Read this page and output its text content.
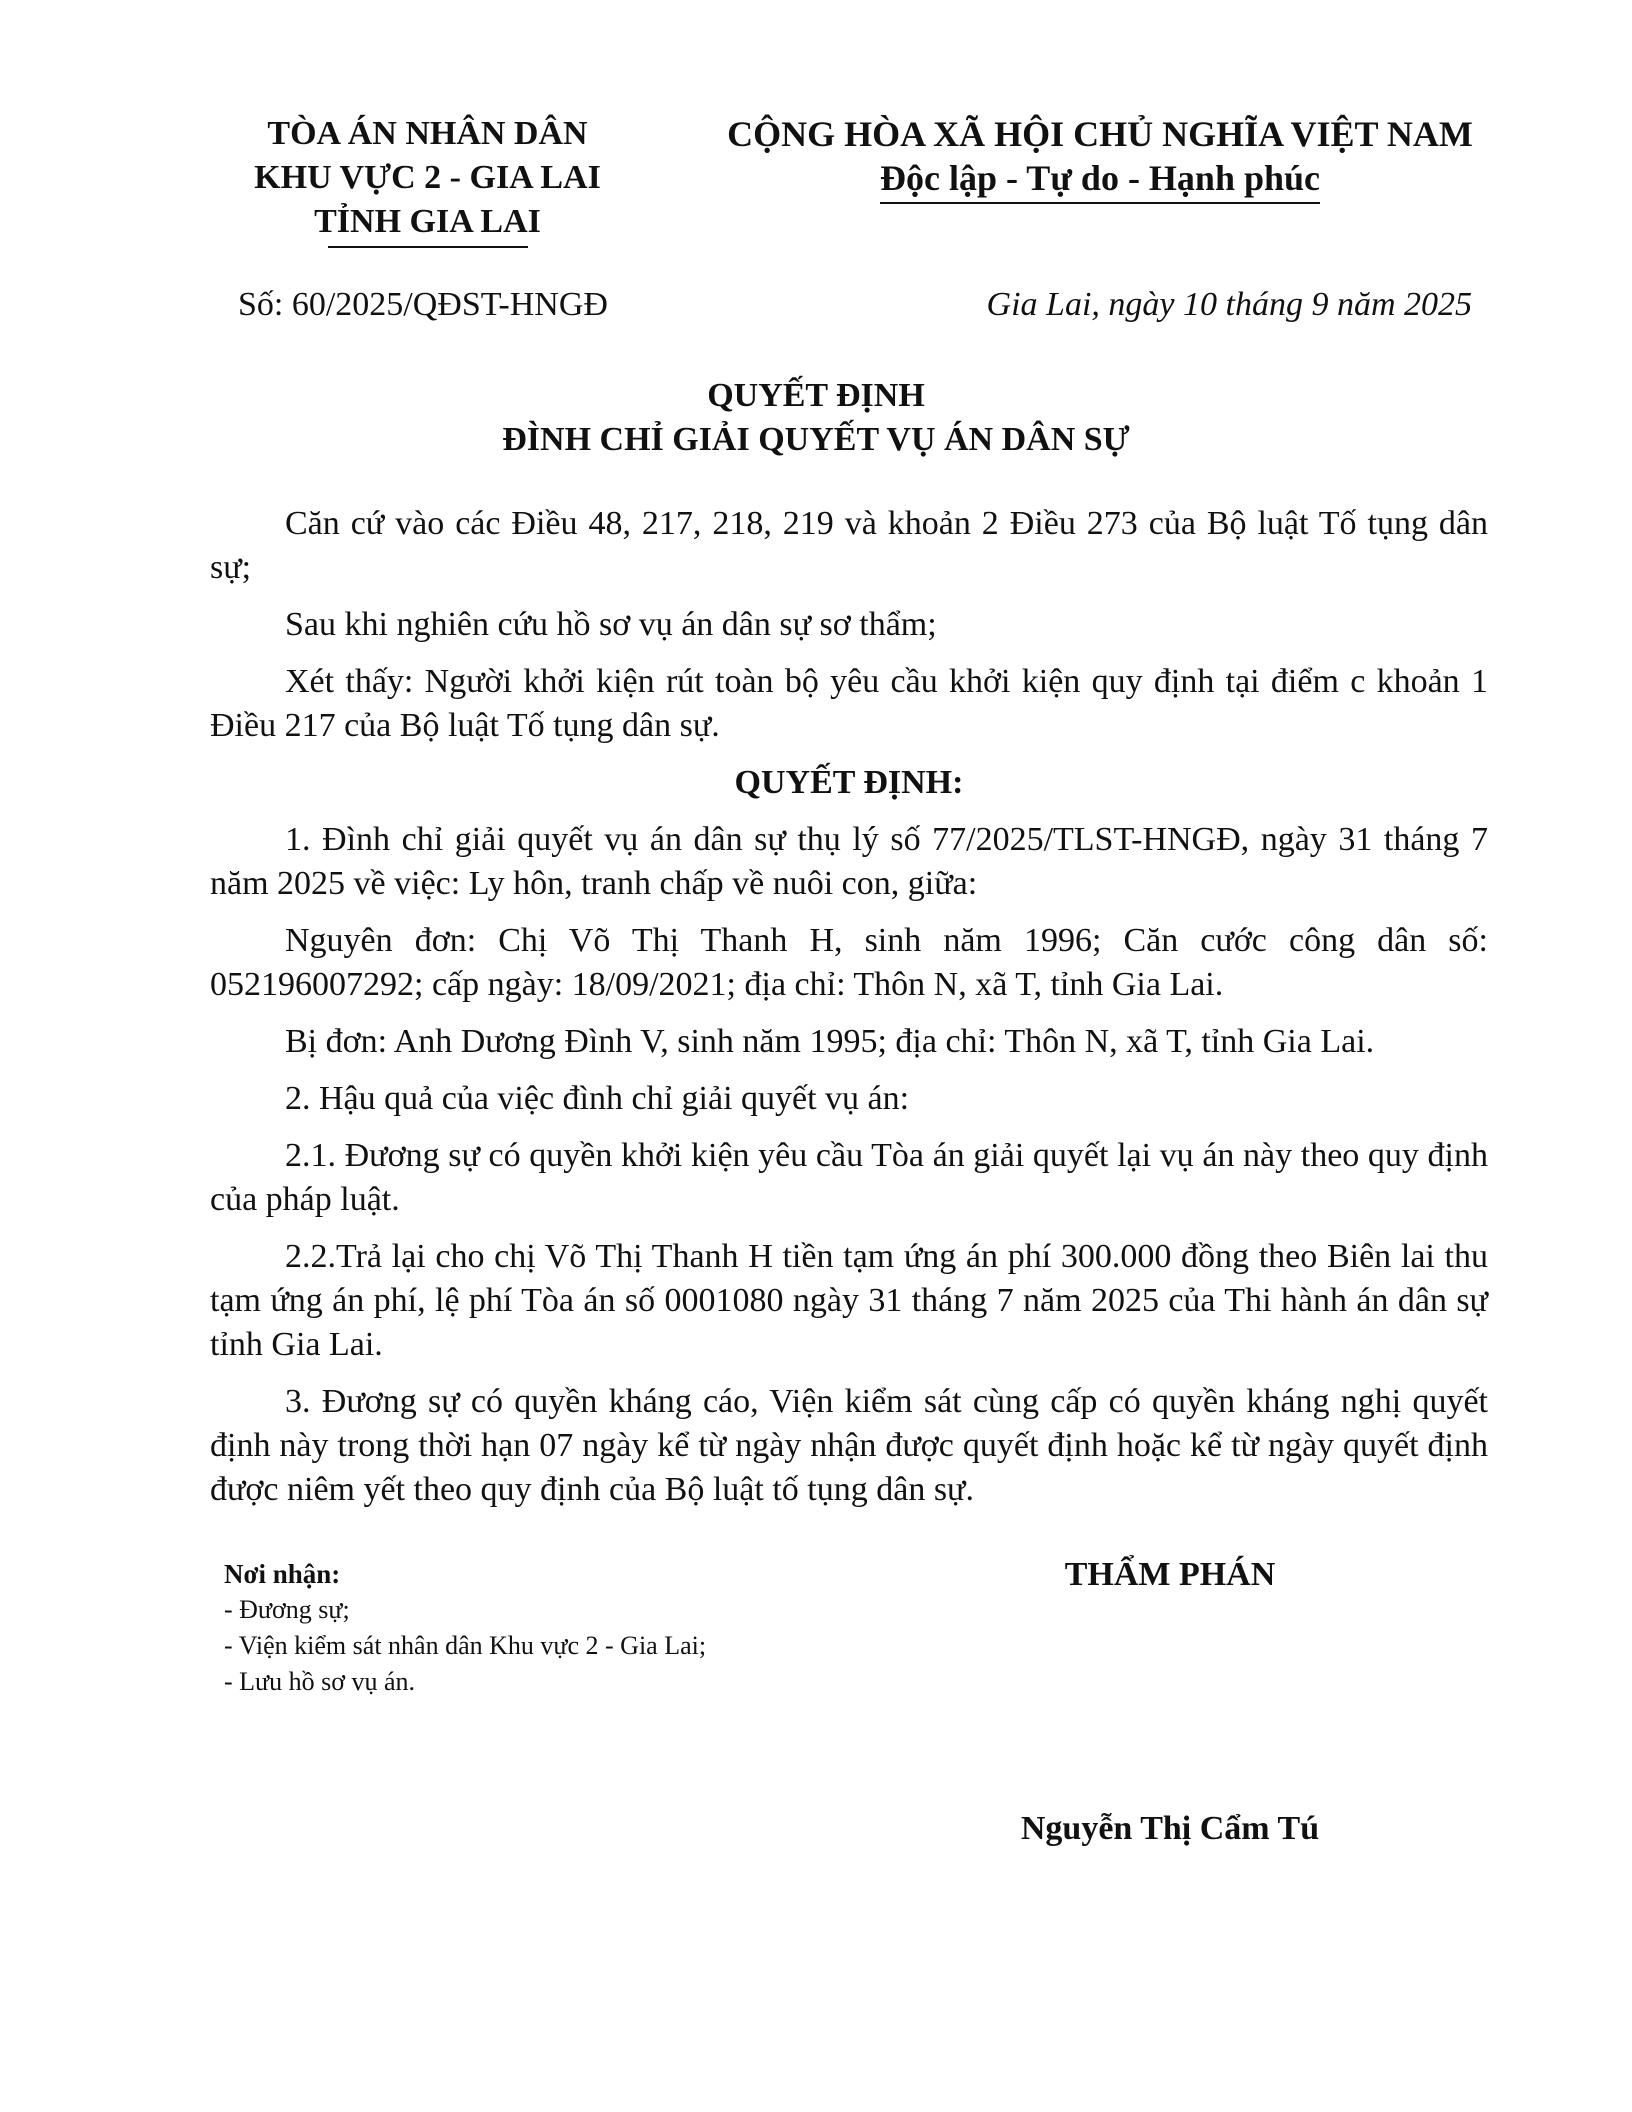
TÒA ÁN NHÂN DÂN
KHU VỰC 2 - GIA LAI
TỈNH GIA LAI
CỘNG HÒA XÃ HỘI CHỦ NGHĨA VIỆT NAM
Độc lập - Tự do - Hạnh phúc
Số: 60/2025/QĐST-HNGĐ	Gia Lai, ngày 10 tháng 9 năm 2025
QUYẾT ĐỊNH
ĐÌNH CHỈ GIẢI QUYẾT VỤ ÁN DÂN SỰ

Căn cứ vào các Điều 48, 217, 218, 219 và khoản 2 Điều 273 của Bộ luật Tố tụng dân sự;

Sau khi nghiên cứu hồ sơ vụ án dân sự sơ thẩm;

Xét thấy: Người khởi kiện rút toàn bộ yêu cầu khởi kiện quy định tại điểm c khoản 1 Điều 217 của Bộ luật Tố tụng dân sự.

QUYẾT ĐỊNH:

1. Đình chỉ giải quyết vụ án dân sự thụ lý số 77/2025/TLST-HNGĐ, ngày 31 tháng 7 năm 2025 về việc: Ly hôn, tranh chấp về nuôi con, giữa:

Nguyên đơn: Chị Võ Thị Thanh H, sinh năm 1996; Căn cước công dân số: 052196007292; cấp ngày: 18/09/2021; địa chỉ: Thôn N, xã T, tỉnh Gia Lai.

Bị đơn: Anh Dương Đình V, sinh năm 1995; địa chỉ: Thôn N, xã T, tỉnh Gia Lai.

2. Hậu quả của việc đình chỉ giải quyết vụ án:

2.1. Đương sự có quyền khởi kiện yêu cầu Tòa án giải quyết lại vụ án này theo quy định của pháp luật.

2.2.Trả lại cho chị Võ Thị Thanh H tiền tạm ứng án phí 300.000 đồng theo Biên lai thu tạm ứng án phí, lệ phí Tòa án số 0001080 ngày 31 tháng 7 năm 2025 của Thi hành án dân sự tỉnh Gia Lai.

3. Đương sự có quyền kháng cáo, Viện kiểm sát cùng cấp có quyền kháng nghị quyết định này trong thời hạn 07 ngày kể từ ngày nhận được quyết định hoặc kể từ ngày quyết định được niêm yết theo quy định của Bộ luật tố tụng dân sự.

Nơi nhận:
- Đương sự;
- Viện kiểm sát nhân dân Khu vực 2 - Gia Lai;
- Lưu hồ sơ vụ án.
THẨM PHÁN
Nguyễn Thị Cẩm Tú
